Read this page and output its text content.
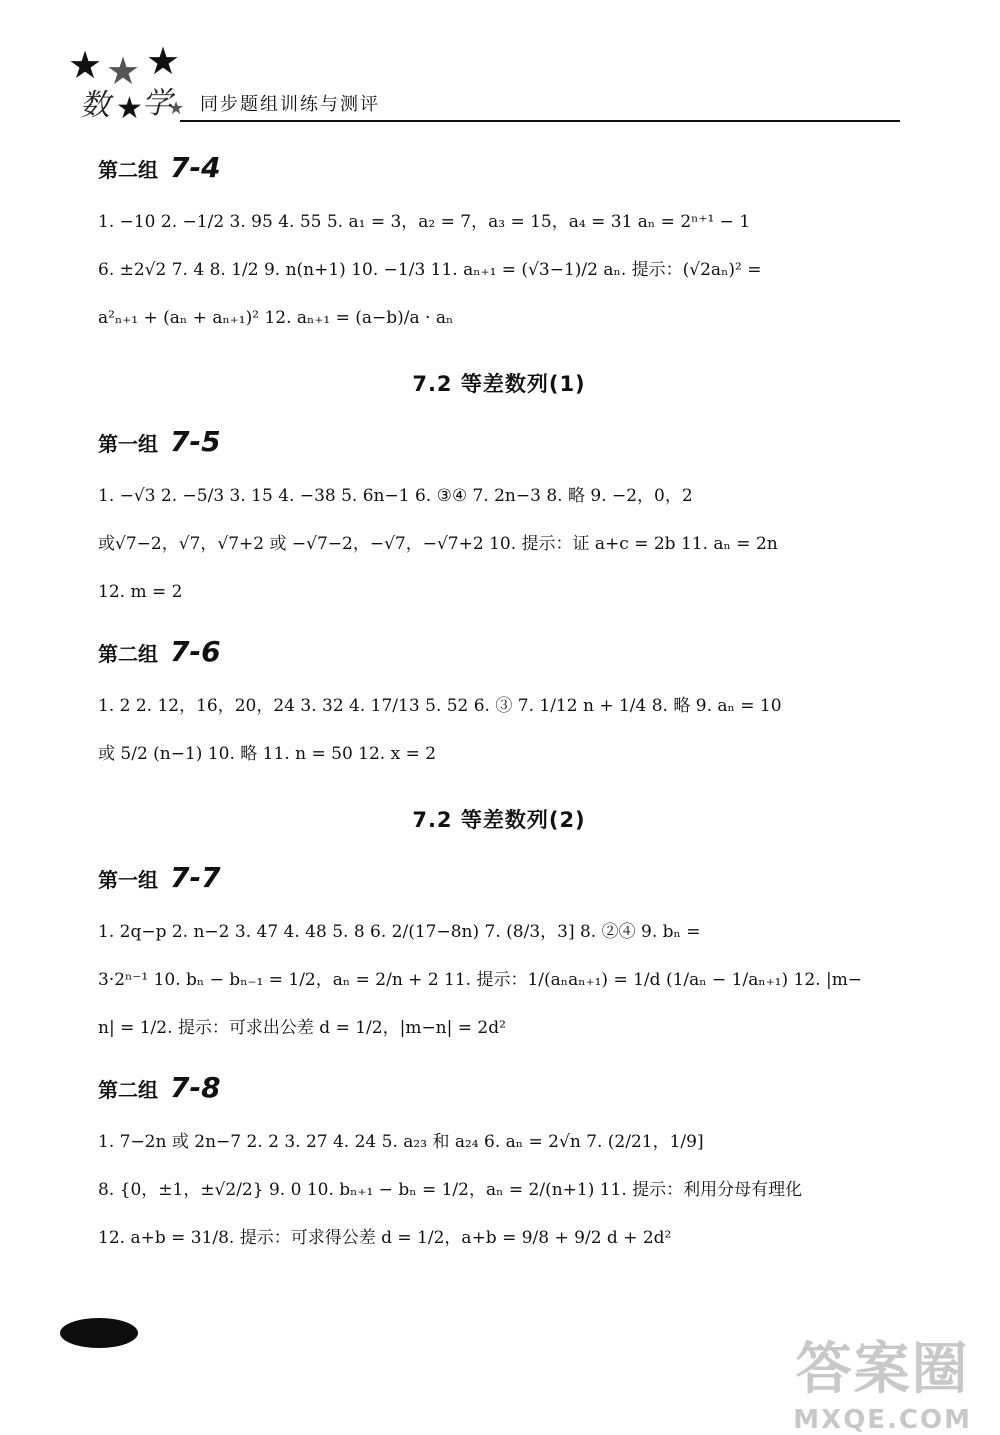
★ ★ ★
★ ★
数 学 同步题组训练与测评
第二组 7-4
1. −10 2. −1/2 3. 95 4. 55 5. a₁ = 3，a₂ = 7，a₃ = 15，a₄ = 31 aₙ = 2ⁿ⁺¹ − 1
6. ±2√2 7. 4 8. 1/2 9. n(n+1) 10. −1/3 11. aₙ₊₁ = (√3−1)/2 aₙ. 提示：(√2aₙ)² =
a²ₙ₊₁ + (aₙ + aₙ₊₁)² 12. aₙ₊₁ = (a−b)/a · aₙ
7.2 等差数列(1)
第一组 7-5
1. −√3 2. −5/3 3. 15 4. −38 5. 6n−1 6. ③④ 7. 2n−3 8. 略 9. −2，0，2
或√7−2，√7，√7+2 或 −√7−2，−√7，−√7+2 10. 提示：证 a+c = 2b 11. aₙ = 2n
12. m = 2
第二组 7-6
1. 2 2. 12，16，20，24 3. 32 4. 17/13 5. 52 6. ③ 7. 1/12 n + 1/4 8. 略 9. aₙ = 10
或 5/2 (n−1) 10. 略 11. n = 50 12. x = 2
7.2 等差数列(2)
第一组 7-7
1. 2q−p 2. n−2 3. 47 4. 48 5. 8 6. 2/(17−8n) 7. (8/3，3] 8. ②④ 9. bₙ =
3·2ⁿ⁻¹ 10. bₙ − bₙ₋₁ = 1/2，aₙ = 2/n + 2 11. 提示：1/(aₙaₙ₊₁) = 1/d (1/aₙ − 1/aₙ₊₁) 12. |m−
n| = 1/2. 提示：可求出公差 d = 1/2，|m−n| = 2d²
第二组 7-8
1. 7−2n 或 2n−7 2. 2 3. 27 4. 24 5. a₂₃ 和 a₂₄ 6. aₙ = 2√n 7. (2/21，1/9]
8. {0，±1，±√2/2} 9. 0 10. bₙ₊₁ − bₙ = 1/2，aₙ = 2/(n+1) 11. 提示：利用分母有理化
12. a+b = 31/8. 提示：可求得公差 d = 1/2，a+b = 9/8 + 9/2 d + 2d²
答案圈
MXQE.COM
